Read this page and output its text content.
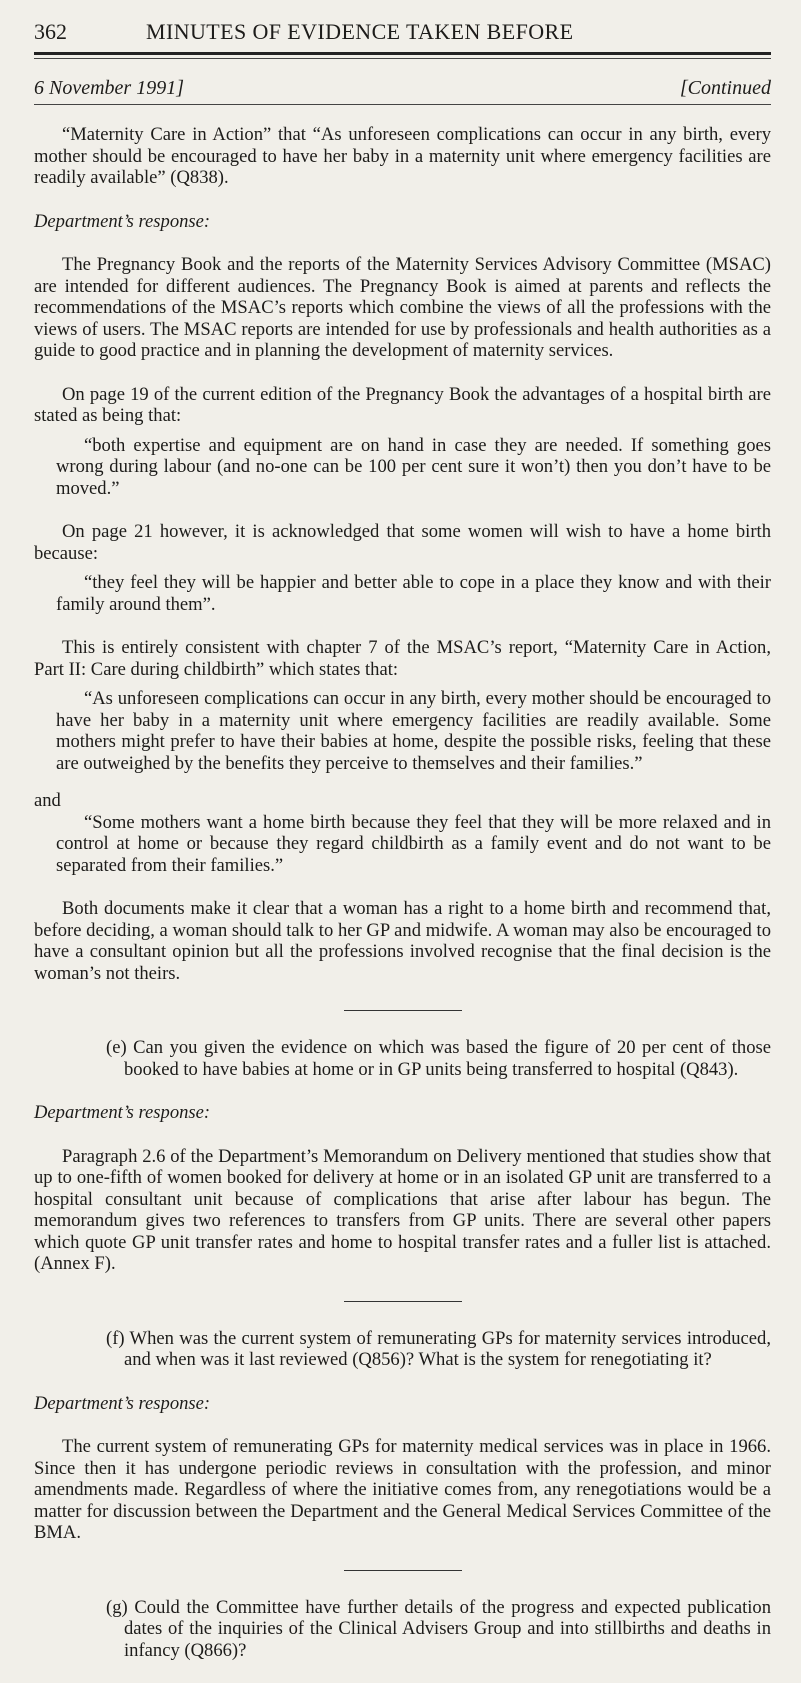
362	MINUTES OF EVIDENCE TAKEN BEFORE
6 November 1991]	[Continued

“Maternity Care in Action” that “As unforeseen complications can occur in any birth, every mother should be encouraged to have her baby in a maternity unit where emergency facilities are readily available” (Q838).

Department’s response:

The Pregnancy Book and the reports of the Maternity Services Advisory Committee (MSAC) are intended for different audiences. The Pregnancy Book is aimed at parents and reflects the recommendations of the MSAC’s reports which combine the views of all the professions with the views of users. The MSAC reports are intended for use by professionals and health authorities as a guide to good practice and in planning the development of maternity services.

On page 19 of the current edition of the Pregnancy Book the advantages of a hospital birth are stated as being that:

“both expertise and equipment are on hand in case they are needed. If something goes wrong during labour (and no-one can be 100 per cent sure it won’t) then you don’t have to be moved.”

On page 21 however, it is acknowledged that some women will wish to have a home birth because:

“they feel they will be happier and better able to cope in a place they know and with their family around them”.

This is entirely consistent with chapter 7 of the MSAC’s report, “Maternity Care in Action, Part II: Care during childbirth” which states that:

“As unforeseen complications can occur in any birth, every mother should be encouraged to have her baby in a maternity unit where emergency facilities are readily available. Some mothers might prefer to have their babies at home, despite the possible risks, feeling that these are outweighed by the benefits they perceive to themselves and their families.”

and

“Some mothers want a home birth because they feel that they will be more relaxed and in control at home or because they regard childbirth as a family event and do not want to be separated from their families.”

Both documents make it clear that a woman has a right to a home birth and recommend that, before deciding, a woman should talk to her GP and midwife. A woman may also be encouraged to have a consultant opinion but all the professions involved recognise that the final decision is the woman’s not theirs.

(e) Can you given the evidence on which was based the figure of 20 per cent of those booked to have babies at home or in GP units being transferred to hospital (Q843).

Department’s response:

Paragraph 2.6 of the Department’s Memorandum on Delivery mentioned that studies show that up to one-fifth of women booked for delivery at home or in an isolated GP unit are transferred to a hospital consultant unit because of complications that arise after labour has begun. The memorandum gives two references to transfers from GP units. There are several other papers which quote GP unit transfer rates and home to hospital transfer rates and a fuller list is attached. (Annex F).

(f) When was the current system of remunerating GPs for maternity services introduced, and when was it last reviewed (Q856)? What is the system for renegotiating it?

Department’s response:

The current system of remunerating GPs for maternity medical services was in place in 1966. Since then it has undergone periodic reviews in consultation with the profession, and minor amendments made. Regardless of where the initiative comes from, any renegotiations would be a matter for discussion between the Department and the General Medical Services Committee of the BMA.

(g) Could the Committee have further details of the progress and expected publication dates of the inquiries of the Clinical Advisers Group and into stillbirths and deaths in infancy (Q866)?
